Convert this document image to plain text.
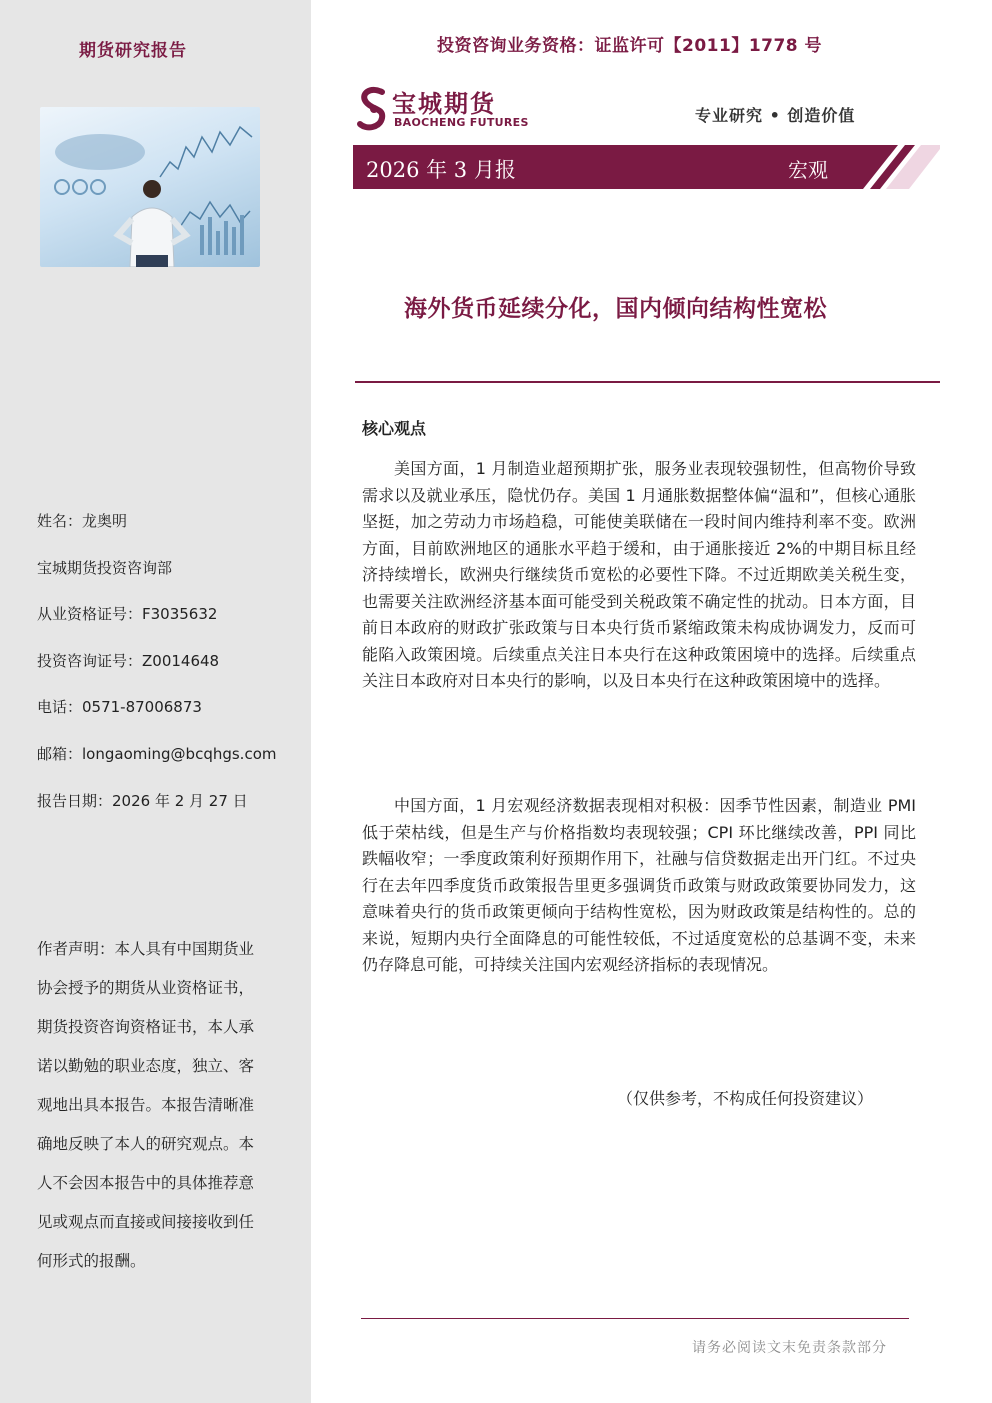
期货研究报告
姓名：龙奥明
宝城期货投资咨询部
从业资格证号：F3035632
投资咨询证号：Z0014648
电话：0571-87006873
邮箱：longaoming@bcqhgs.com
报告日期：2026 年 2 月 27 日
作者声明：本人具有中国期货业协会授予的期货从业资格证书，期货投资咨询资格证书，本人承诺以勤勉的职业态度，独立、客观地出具本报告。本报告清晰准确地反映了本人的研究观点。本人不会因本报告中的具体推荐意见或观点而直接或间接接收到任何形式的报酬。
投资咨询业务资格：证监许可【2011】1778 号
宝城期货
BAOCHENG FUTURES	专业研究 • 创造价值
2026 年 3 月报	宏观
海外货币延续分化，国内倾向结构性宽松
核心观点

美国方面，1 月制造业超预期扩张，服务业表现较强韧性，但高物价导致需求以及就业承压，隐忧仍存。美国 1 月通胀数据整体偏“温和”，但核心通胀坚挺，加之劳动力市场趋稳，可能使美联储在一段时间内维持利率不变。欧洲方面，目前欧洲地区的通胀水平趋于缓和，由于通胀接近 2%的中期目标且经济持续增长，欧洲央行继续货币宽松的必要性下降。不过近期欧美关税生变，也需要关注欧洲经济基本面可能受到关税政策不确定性的扰动。日本方面，目前日本政府的财政扩张政策与日本央行货币紧缩政策未构成协调发力，反而可能陷入政策困境。后续重点关注日本央行在这种政策困境中的选择。后续重点关注日本政府对日本央行的影响，以及日本央行在这种政策困境中的选择。

中国方面，1 月宏观经济数据表现相对积极：因季节性因素，制造业 PMI 低于荣枯线，但是生产与价格指数均表现较强；CPI 环比继续改善，PPI 同比跌幅收窄；一季度政策利好预期作用下，社融与信贷数据走出开门红。不过央行在去年四季度货币政策报告里更多强调货币政策与财政政策要协同发力，这意味着央行的货币政策更倾向于结构性宽松，因为财政政策是结构性的。总的来说，短期内央行全面降息的可能性较低，不过适度宽松的总基调不变，未来仍存降息可能，可持续关注国内宏观经济指标的表现情况。

（仅供参考，不构成任何投资建议）
请务必阅读文末免责条款部分
